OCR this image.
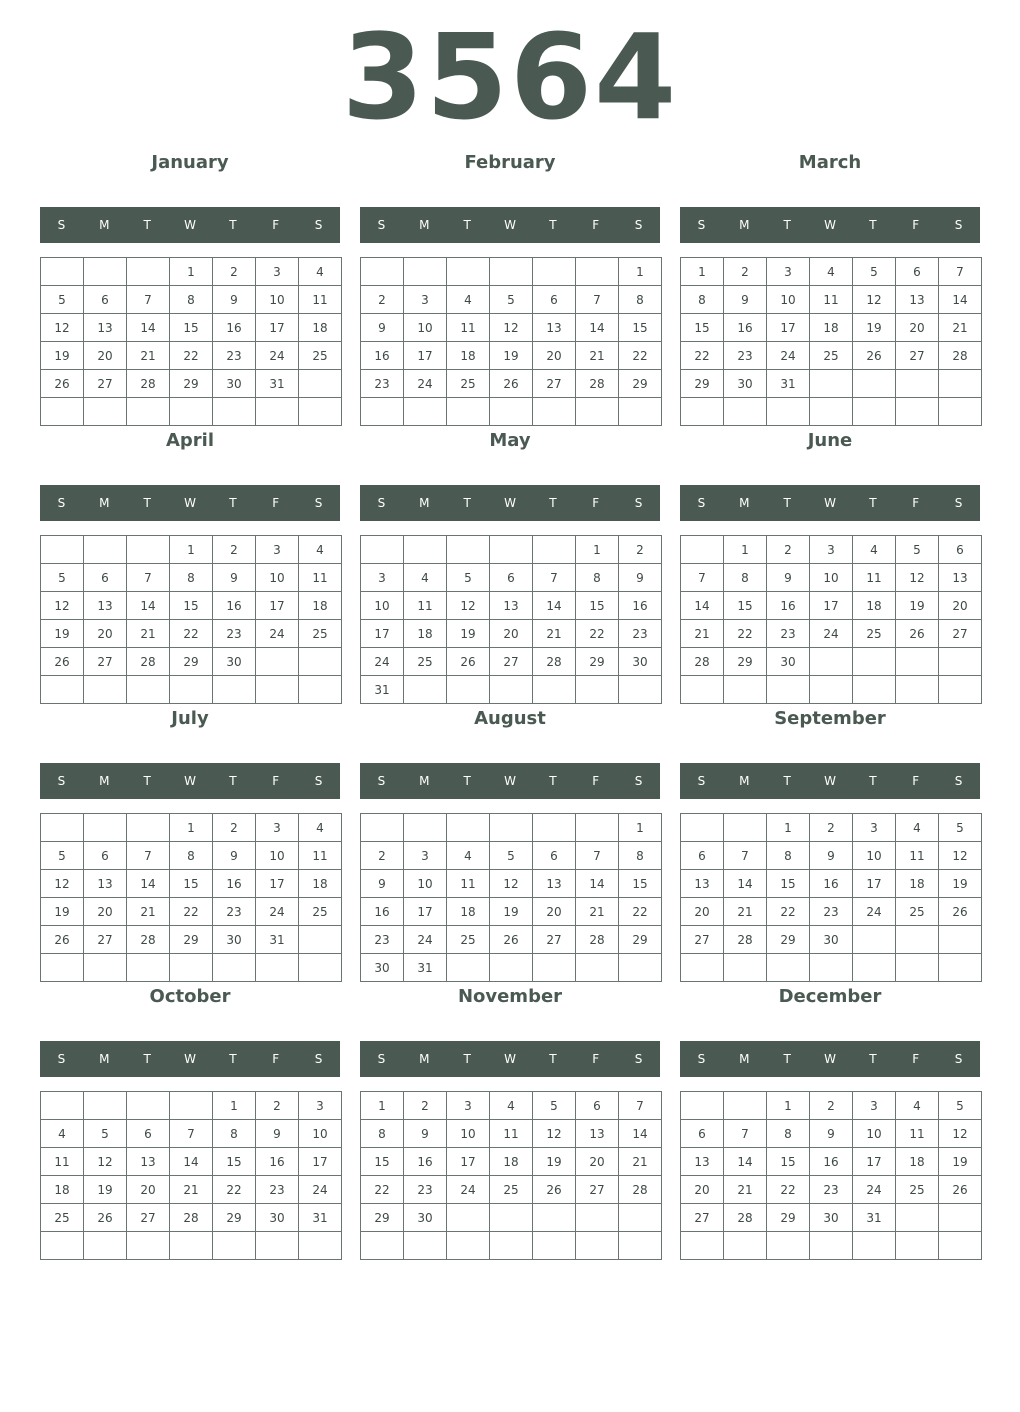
3564
January
S	M	T	W	T	F	S
			1	2	3	4
5	6	7	8	9	10	11
12	13	14	15	16	17	18
19	20	21	22	23	24	25
26	27	28	29	30	31	

February
S	M	T	W	T	F	S
						1
2	3	4	5	6	7	8
9	10	11	12	13	14	15
16	17	18	19	20	21	22
23	24	25	26	27	28	29

March
S	M	T	W	T	F	S
1	2	3	4	5	6	7
8	9	10	11	12	13	14
15	16	17	18	19	20	21
22	23	24	25	26	27	28
29	30	31				

April
S	M	T	W	T	F	S
			1	2	3	4
5	6	7	8	9	10	11
12	13	14	15	16	17	18
19	20	21	22	23	24	25
26	27	28	29	30		

May
S	M	T	W	T	F	S
					1	2
3	4	5	6	7	8	9
10	11	12	13	14	15	16
17	18	19	20	21	22	23
24	25	26	27	28	29	30
31						
June
S	M	T	W	T	F	S
	1	2	3	4	5	6
7	8	9	10	11	12	13
14	15	16	17	18	19	20
21	22	23	24	25	26	27
28	29	30				

July
S	M	T	W	T	F	S
			1	2	3	4
5	6	7	8	9	10	11
12	13	14	15	16	17	18
19	20	21	22	23	24	25
26	27	28	29	30	31	

August
S	M	T	W	T	F	S
						1
2	3	4	5	6	7	8
9	10	11	12	13	14	15
16	17	18	19	20	21	22
23	24	25	26	27	28	29
30	31					
September
S	M	T	W	T	F	S
		1	2	3	4	5
6	7	8	9	10	11	12
13	14	15	16	17	18	19
20	21	22	23	24	25	26
27	28	29	30			

October
S	M	T	W	T	F	S
				1	2	3
4	5	6	7	8	9	10
11	12	13	14	15	16	17
18	19	20	21	22	23	24
25	26	27	28	29	30	31

November
S	M	T	W	T	F	S
1	2	3	4	5	6	7
8	9	10	11	12	13	14
15	16	17	18	19	20	21
22	23	24	25	26	27	28
29	30					

December
S	M	T	W	T	F	S
		1	2	3	4	5
6	7	8	9	10	11	12
13	14	15	16	17	18	19
20	21	22	23	24	25	26
27	28	29	30	31		
